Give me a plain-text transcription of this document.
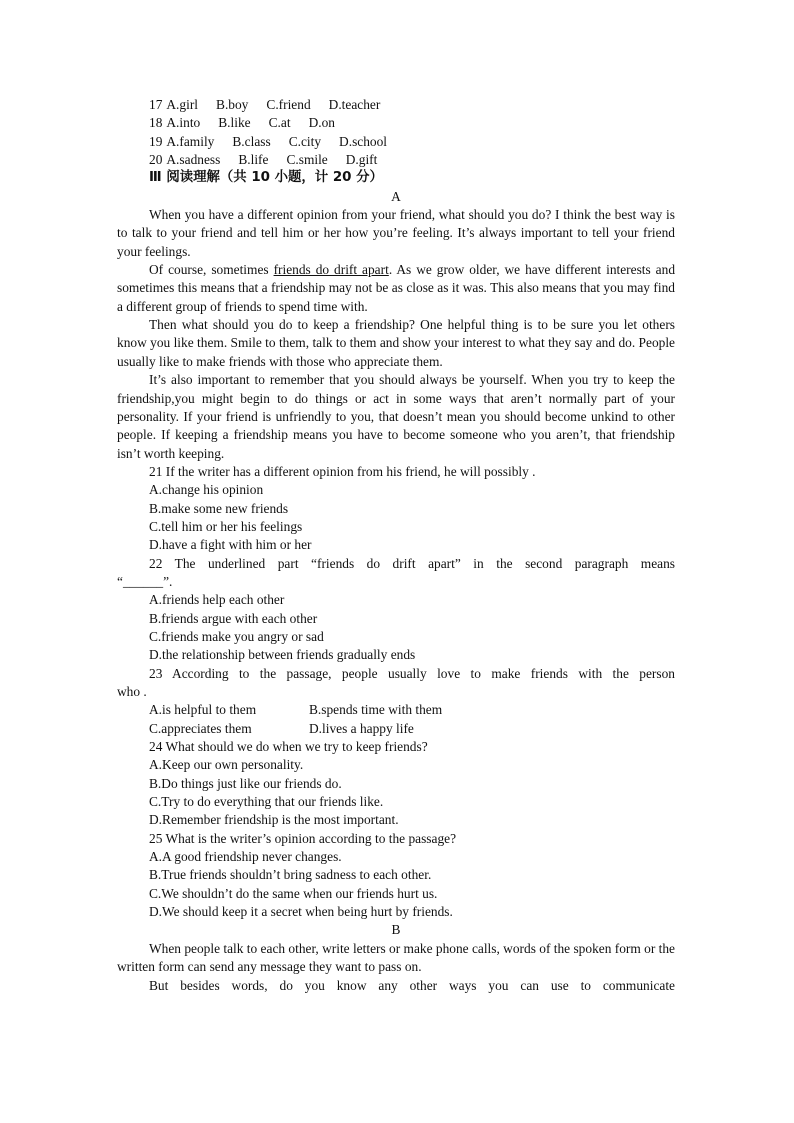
17 A.girl B.boy C.friend D.teacher

18 A.into B.like C.at D.on

19 A.family B.class C.city D.school

20 A.sadness B.life C.smile D.gift

Ⅲ 阅读理解（共 10 小题，计 20 分）

A

When you have a different opinion from your friend, what should you do? I think the best way is to talk to your friend and tell him or her how you’re feeling. It’s always important to tell your friend your feelings.

Of course, sometimes friends do drift apart. As we grow older, we have different interests and sometimes this means that a friendship may not be as close as it was. This also means that you may find a different group of friends to spend time with.

Then what should you do to keep a friendship? One helpful thing is to be sure you let others know you like them. Smile to them, talk to them and show your interest to what they say and do. People usually like to make friends with those who appreciate them.

It’s also important to remember that you should always be yourself. When you try to keep the friendship,you might begin to do things or act in some ways that aren’t normally part of your personality. If your friend is unfriendly to you, that doesn’t mean you should become unkind to other people. If keeping a friendship means you have to become someone who you aren’t, that friendship isn’t worth keeping.

21 If the writer has a different opinion from his friend, he will possibly .

A.change his opinion

B.make some new friends

C.tell him or her his feelings

D.have a fight with him or her

22 The underlined part “friends do drift apart” in the second paragraph means

“______”.

A.friends help each other

B.friends argue with each other

C.friends make you angry or sad

D.the relationship between friends gradually ends

23 According to the passage, people usually love to make friends with the person

who .

A.is helpful to them	B.spends time with them

C.appreciates them	D.lives a happy life

24 What should we do when we try to keep friends?

A.Keep our own personality.

B.Do things just like our friends do.

C.Try to do everything that our friends like.

D.Remember friendship is the most important.

25 What is the writer’s opinion according to the passage?

A.A good friendship never changes.

B.True friends shouldn’t bring sadness to each other.

C.We shouldn’t do the same when our friends hurt us.

D.We should keep it a secret when being hurt by friends.

B

When people talk to each other, write letters or make phone calls, words of the spoken form or the written form can send any message they want to pass on.

But besides words, do you know any other ways you can use to communicate
